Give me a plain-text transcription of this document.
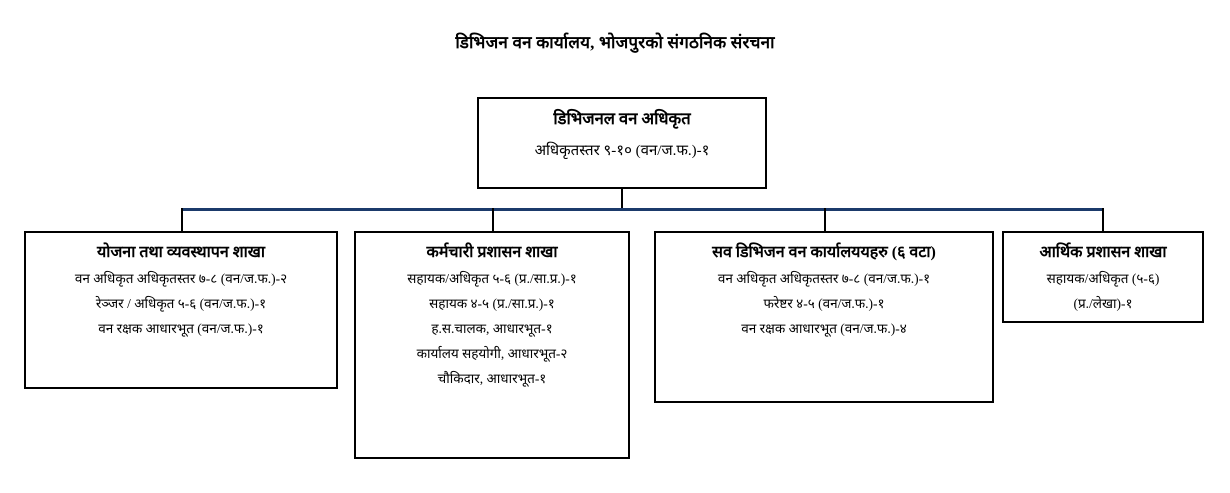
डिभिजन वन कार्यालय, भोजपुरको संगठनिक संरचना
डिभिजनल वन अधिकृत
अधिकृतस्तर ९-१० (वन/ज.फ.)-१
योजना तथा व्यवस्थापन शाखा
वन अधिकृत अधिकृतस्तर ७-८ (वन/ज.फ.)-२
रेञ्जर / अधिकृत ५-६ (वन/ज.फ.)-१
वन रक्षक आधारभूत (वन/ज.फ.)-१
कर्मचारी प्रशासन शाखा
सहायक/अधिकृत ५-६ (प्र./सा.प्र.)-१
सहायक ४-५ (प्र./सा.प्र.)-१
ह.स.चालक, आधारभूत-१
कार्यालय सहयोगी, आधारभूत-२
चौकिदार, आधारभूत-१
सव डिभिजन वन कार्यालययहरु (६ वटा)
वन अधिकृत अधिकृतस्तर ७-८ (वन/ज.फ.)-१
फरेष्टर ४-५ (वन/ज.फ.)-१
वन रक्षक आधारभूत (वन/ज.फ.)-४
आर्थिक प्रशासन शाखा
सहायक/अधिकृत (५-६)
(प्र./लेखा)-१
